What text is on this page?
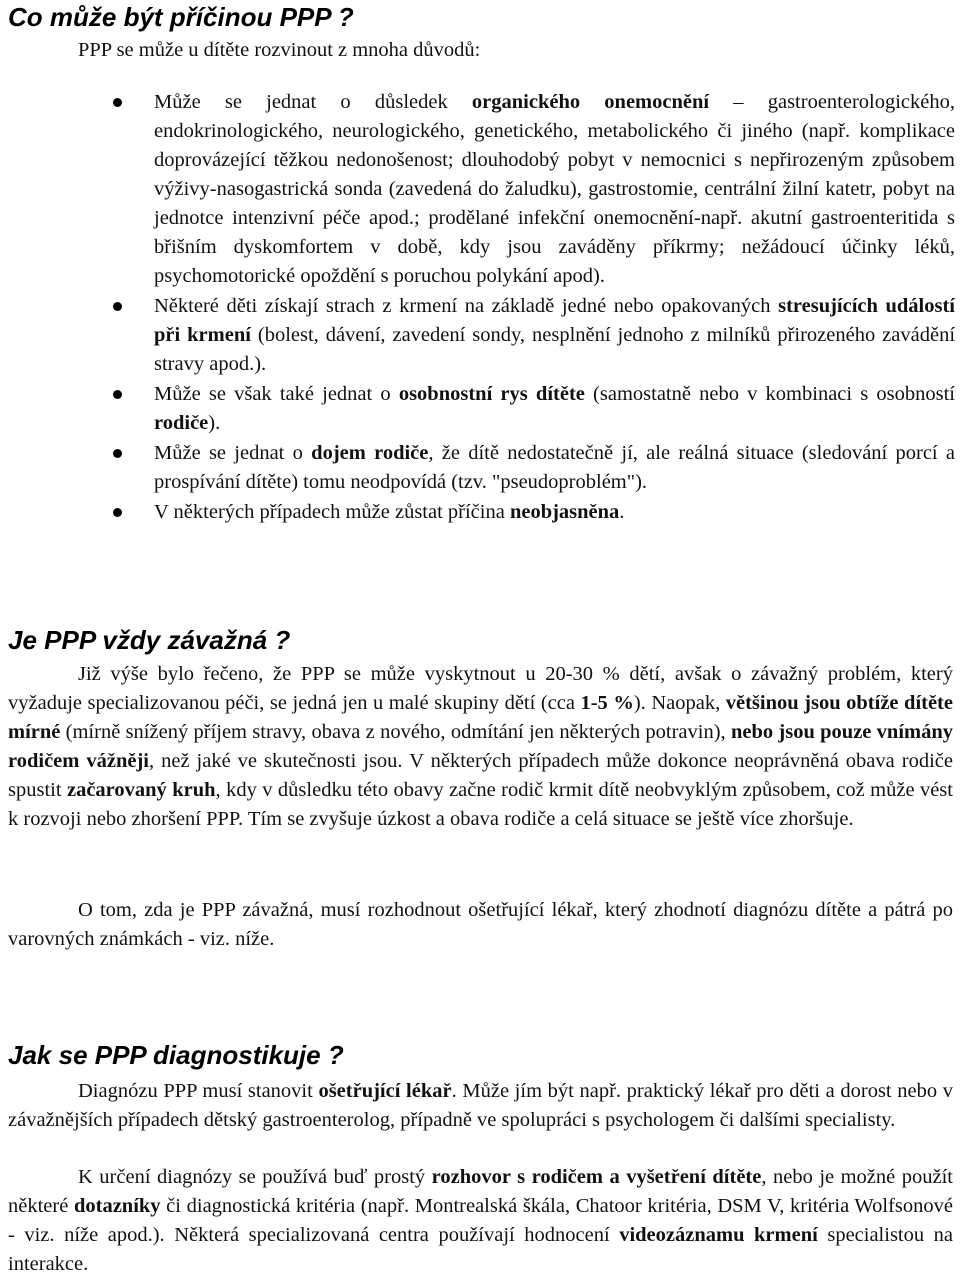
Co může být příčinou PPP ?

PPP se může u dítěte rozvinout z mnoha důvodů:

Může se jednat o důsledek organického onemocnění – gastroenterologického, endokrinologického, neurologického, genetického, metabolického či jiného (např. komplikace doprovázející těžkou nedonošenost; dlouhodobý pobyt v nemocnici s nepřirozeným způsobem výživy-nasogastrická sonda (zavedená do žaludku), gastrostomie, centrální žilní katetr, pobyt na jednotce intenzivní péče apod.; prodělané infekční onemocnění-např. akutní gastroenteritida s břišním dyskomfortem v době, kdy jsou zaváděny příkrmy; nežádoucí účinky léků, psychomotorické opoždění s poruchou polykání apod).
Některé děti získají strach z krmení na základě jedné nebo opakovaných stresujících událostí při krmení (bolest, dávení, zavedení sondy, nesplnění jednoho z milníků přirozeného zavádění stravy apod.).
Může se však také jednat o osobnostní rys dítěte (samostatně nebo v kombinaci s osobností rodiče).
Může se jednat o dojem rodiče, že dítě nedostatečně jí, ale reálná situace (sledování porcí a prospívání dítěte) tomu neodpovídá (tzv. "pseudoproblém").
V některých případech může zůstat příčina neobjasněna.
Je PPP vždy závažná ?

Již výše bylo řečeno, že PPP se může vyskytnout u 20-30 % dětí, avšak o závažný problém, který vyžaduje specializovanou péči, se jedná jen u malé skupiny dětí (cca 1-5 %). Naopak, většinou jsou obtíže dítěte mírné (mírně snížený příjem stravy, obava z nového, odmítání jen některých potravin), nebo jsou pouze vnímány rodičem vážněji, než jaké ve skutečnosti jsou. V některých případech může dokonce neoprávněná obava rodiče spustit začarovaný kruh, kdy v důsledku této obavy začne rodič krmit dítě neobvyklým způsobem, což může vést k rozvoji nebo zhoršení PPP. Tím se zvyšuje úzkost a obava rodiče a celá situace se ještě více zhoršuje.

O tom, zda je PPP závažná, musí rozhodnout ošetřující lékař, který zhodnotí diagnózu dítěte a pátrá po varovných známkách - viz. níže.

Jak se PPP diagnostikuje ?

Diagnózu PPP musí stanovit ošetřující lékař. Může jím být např. praktický lékař pro děti a dorost nebo v závažnějších případech dětský gastroenterolog, případně ve spolupráci s psychologem či dalšími specialisty.

K určení diagnózy se používá buď prostý rozhovor s rodičem a vyšetření dítěte, nebo je možné použít některé dotazníky či diagnostická kritéria (např. Montrealská škála, Chatoor kritéria, DSM V, kritéria Wolfsonové - viz. níže apod.). Některá specializovaná centra používají hodnocení videozáznamu krmení specialistou na interakce.
